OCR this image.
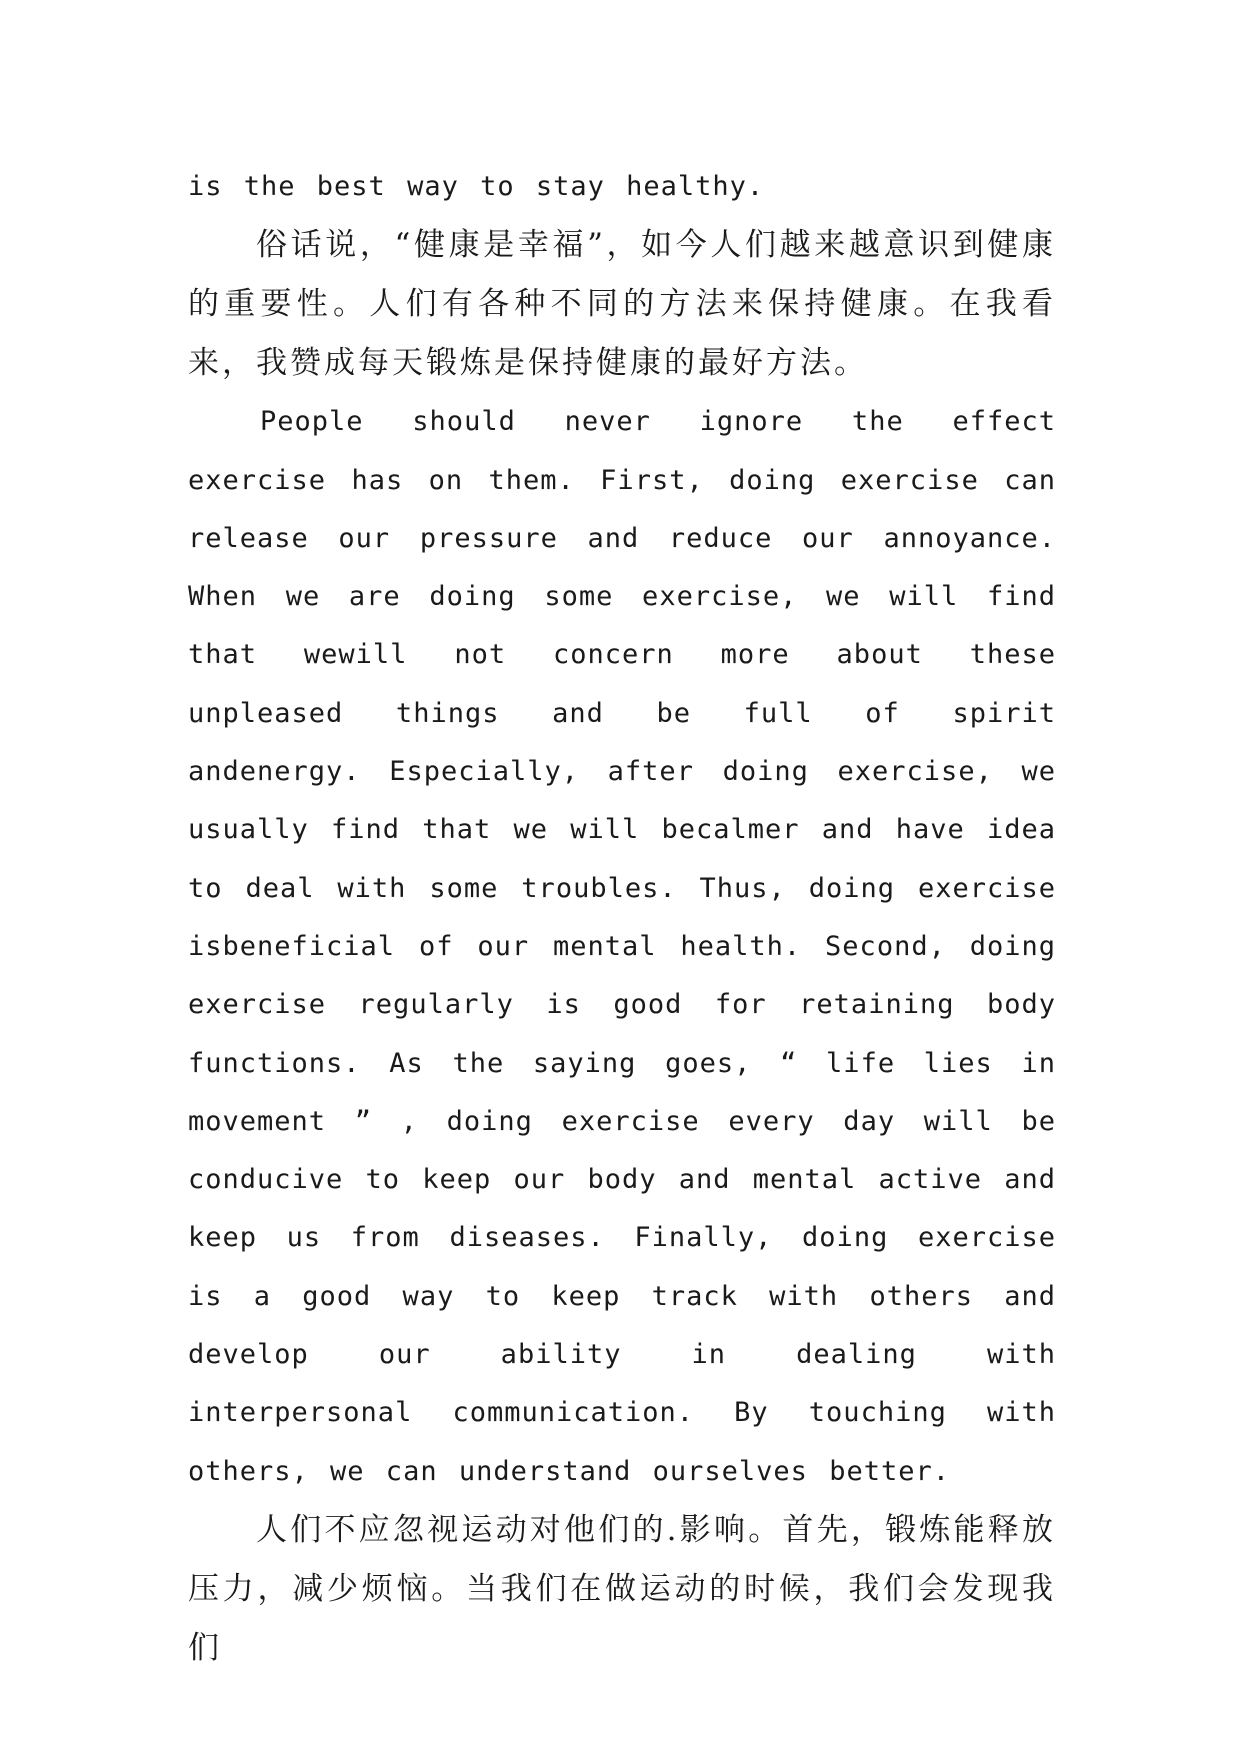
is the best way to stay healthy.

俗话说，“健康是幸福”，如今人们越来越意识到健康的重要性。人们有各种不同的方法来保持健康。在我看来，我赞成每天锻炼是保持健康的最好方法。

People should never ignore the effect exercise has on them. First, doing exercise can release our pressure and reduce our annoyance. When we are doing some exercise, we will find that wewill not concern more about these unpleased things and be full of spirit andenergy. Especially, after doing exercise, we usually find that we will becalmer and have idea to deal with some troubles. Thus, doing exercise isbeneficial of our mental health. Second, doing exercise regularly is good for retaining body functions. As the saying goes, “ life lies in movement ” , doing exercise every day will be conducive to keep our body and mental active and keep us from diseases. Finally, doing exercise is a good way to keep track with others and develop our ability in dealing with interpersonal communication. By touching with others, we can understand ourselves better.

人们不应忽视运动对他们的.影响。首先，锻炼能释放压力，减少烦恼。当我们在做运动的时候，我们会发现我们
